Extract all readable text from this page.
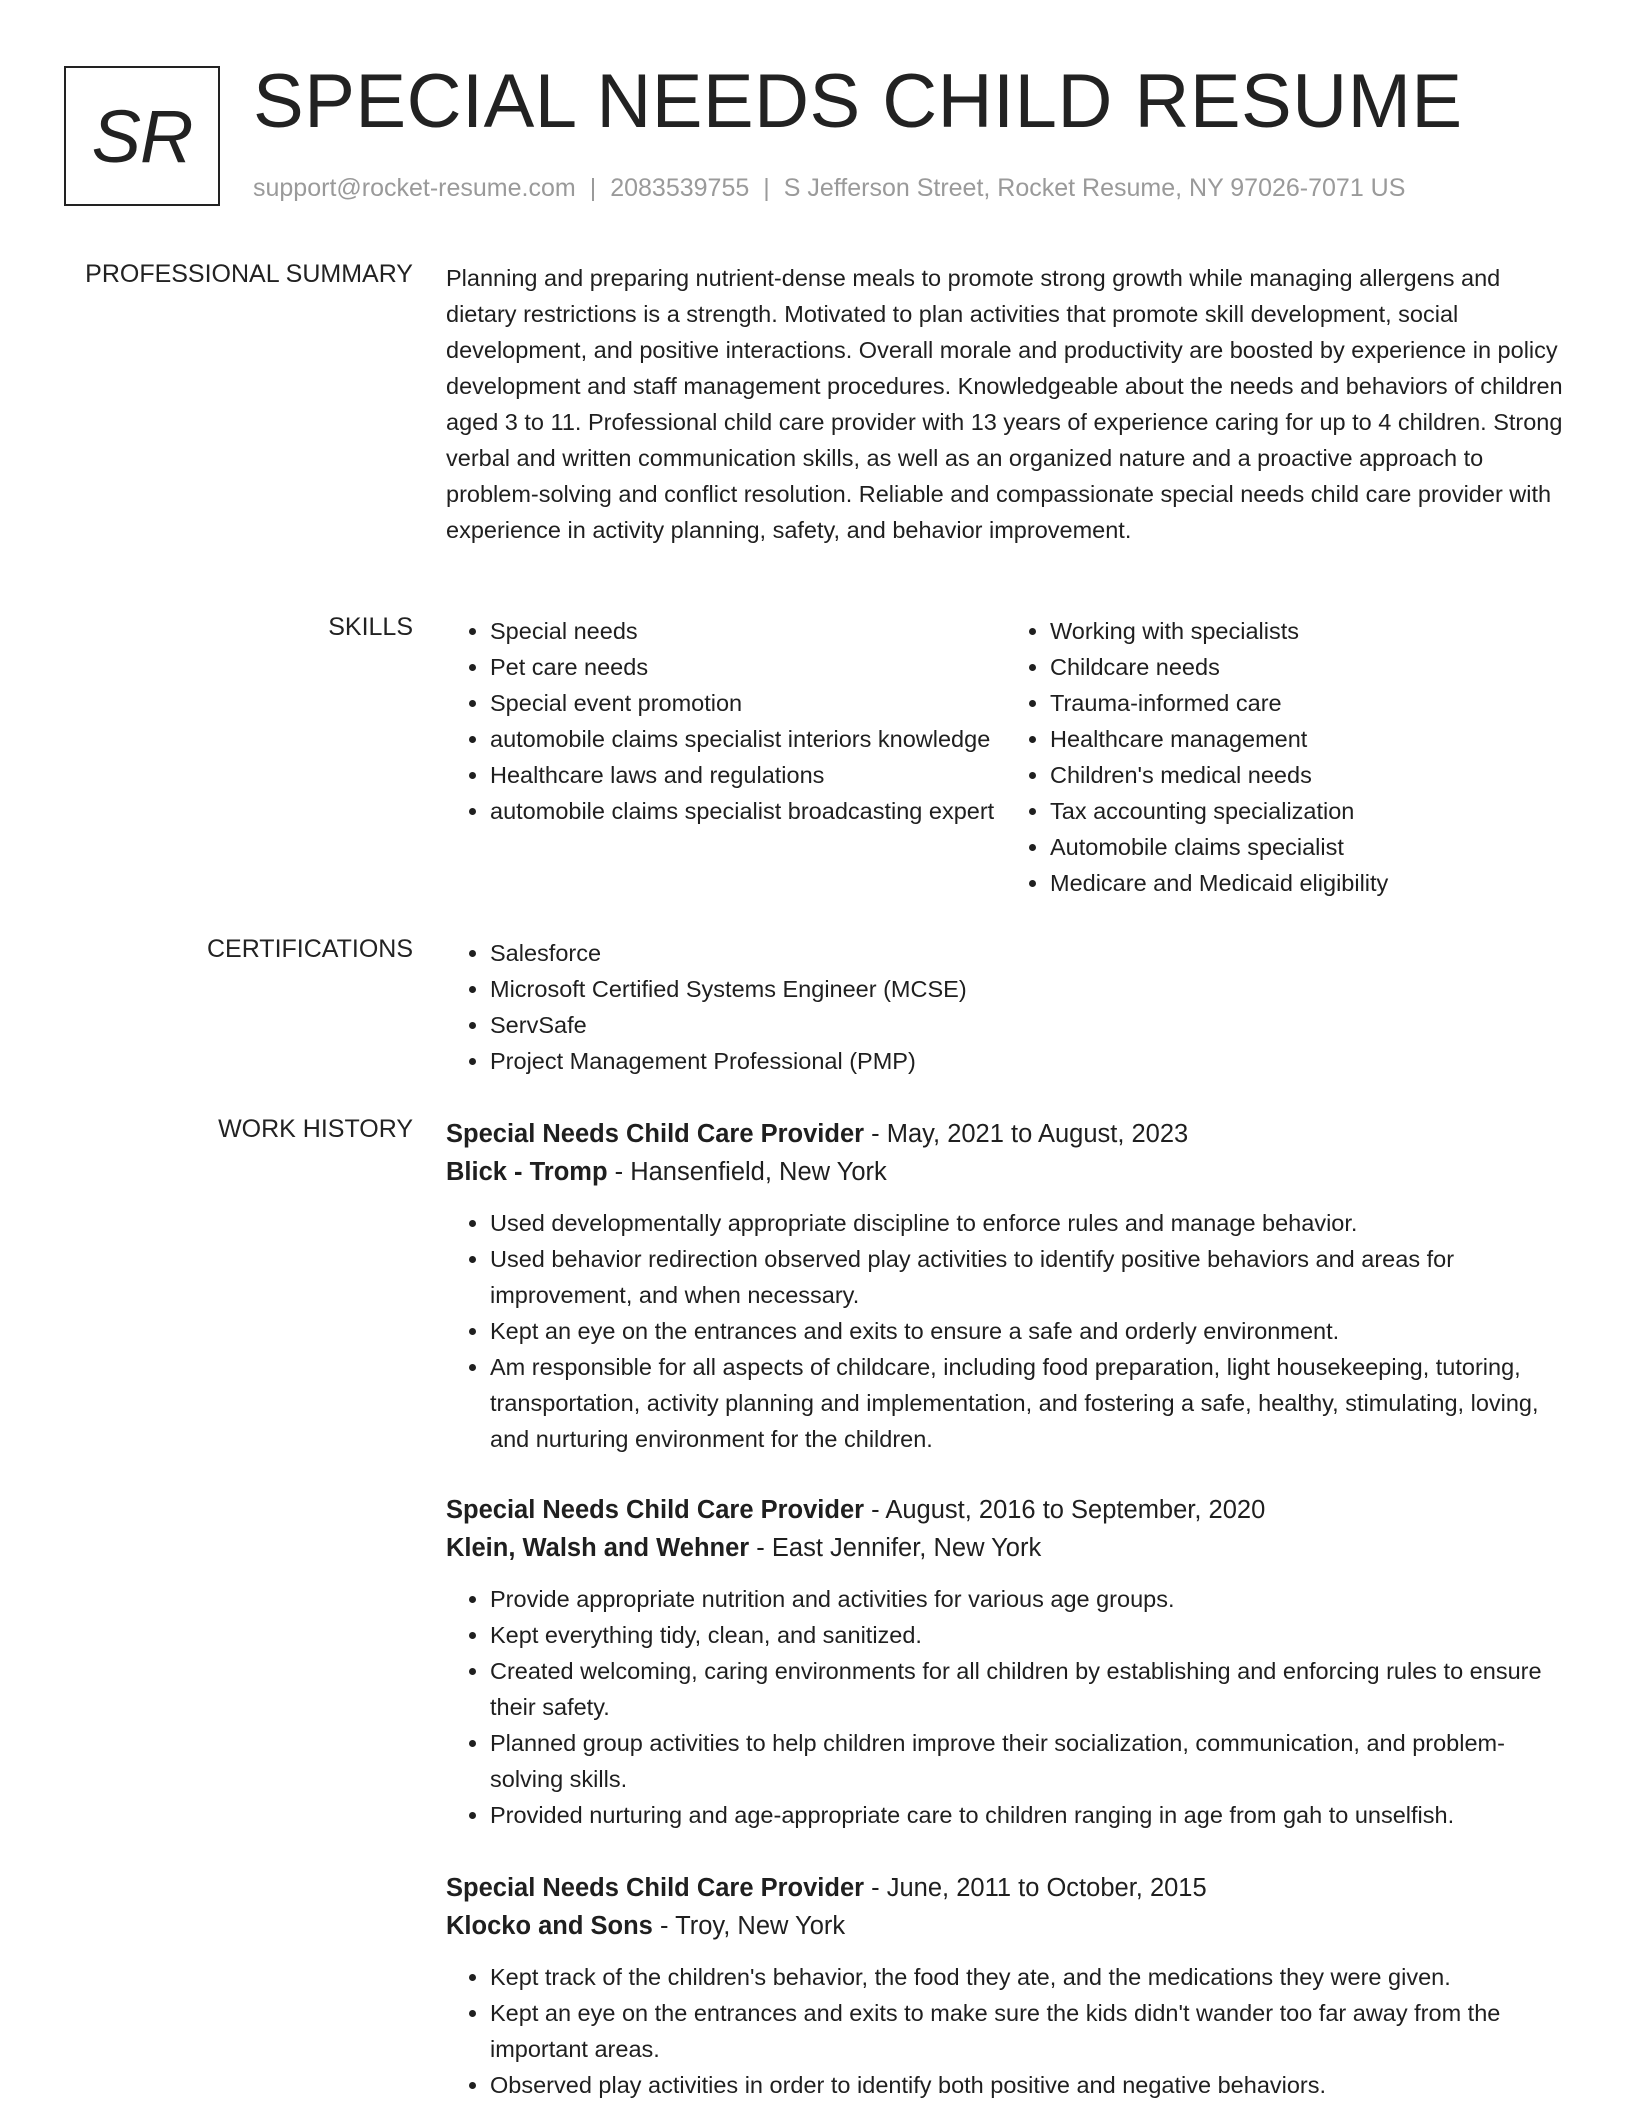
SR SPECIAL NEEDS CHILD RESUME
support@rocket-resume.com | 2083539755 | S Jefferson Street, Rocket Resume, NY 97026-7071 US
PROFESSIONAL SUMMARY Planning and preparing nutrient-dense meals to promote strong growth while managing allergens and dietary restrictions is a strength. Motivated to plan activities that promote skill development, social development, and positive interactions. Overall morale and productivity are boosted by experience in policy development and staff management procedures. Knowledgeable about the needs and behaviors of children aged 3 to 11. Professional child care provider with 13 years of experience caring for up to 4 children. Strong verbal and written communication skills, as well as an organized nature and a proactive approach to problem-solving and conflict resolution. Reliable and compassionate special needs child care provider with experience in activity planning, safety, and behavior improvement.

SKILLS	• Special needs
• Pet care needs
• Special event promotion
• automobile claims specialist interiors knowledge
• Healthcare laws and regulations
• automobile claims specialist broadcasting expert
• Working with specialists
• Childcare needs
• Trauma-informed care
• Healthcare management
• Children's medical needs
• Tax accounting specialization
• Automobile claims specialist
• Medicare and Medicaid eligibility
CERTIFICATIONS	• Salesforce
• Microsoft Certified Systems Engineer (MCSE)
• ServSafe
• Project Management Professional (PMP)
WORK HISTORY Special Needs Child Care Provider - May, 2021 to August, 2023
Blick - Tromp - Hansenfield, New York
• Used developmentally appropriate discipline to enforce rules and manage behavior.
• Used behavior redirection observed play activities to identify positive behaviors and areas for improvement, and when necessary.
• Kept an eye on the entrances and exits to ensure a safe and orderly environment.
• Am responsible for all aspects of childcare, including food preparation, light housekeeping, tutoring, transportation, activity planning and implementation, and fostering a safe, healthy, stimulating, loving, and nurturing environment for the children.
Special Needs Child Care Provider - August, 2016 to September, 2020
Klein, Walsh and Wehner - East Jennifer, New York
• Provide appropriate nutrition and activities for various age groups.
• Kept everything tidy, clean, and sanitized.
• Created welcoming, caring environments for all children by establishing and enforcing rules to ensure their safety.
• Planned group activities to help children improve their socialization, communication, and problem-solving skills.
• Provided nurturing and age-appropriate care to children ranging in age from gah to unselfish.
Special Needs Child Care Provider - June, 2011 to October, 2015
Klocko and Sons - Troy, New York
• Kept track of the children's behavior, the food they ate, and the medications they were given.
• Kept an eye on the entrances and exits to make sure the kids didn't wander too far away from the important areas.
• Observed play activities in order to identify both positive and negative behaviors.
